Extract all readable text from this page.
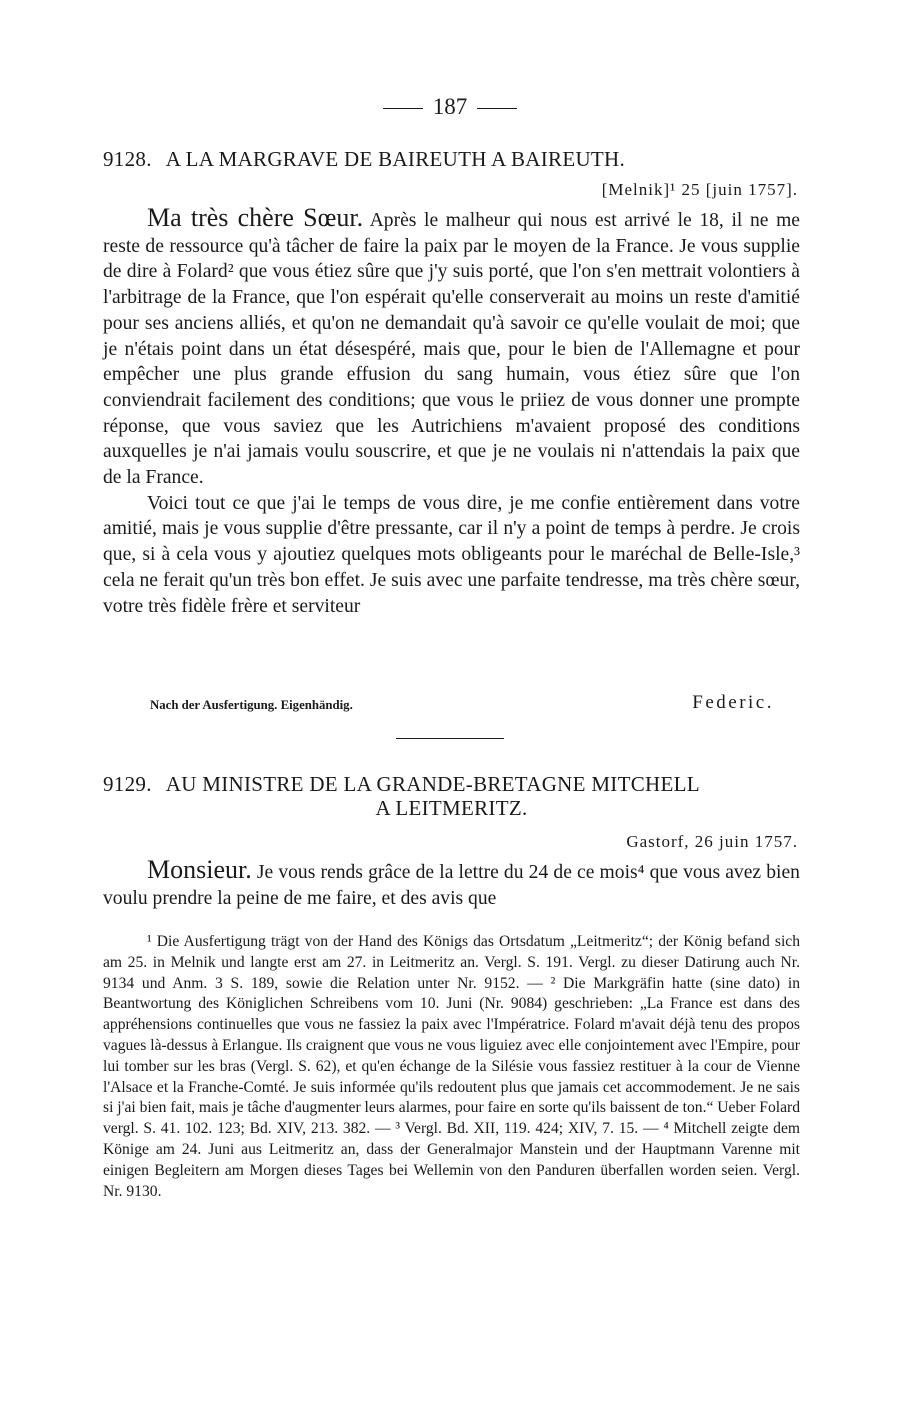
187
9128. A LA MARGRAVE DE BAIREUTH A BAIREUTH.
[Melnik]¹ 25 [juin 1757].

Ma très chère Sœur. Après le malheur qui nous est arrivé le 18, il ne me reste de ressource qu'à tâcher de faire la paix par le moyen de la France. Je vous supplie de dire à Folard² que vous étiez sûre que j'y suis porté, que l'on s'en mettrait volontiers à l'arbitrage de la France, que l'on espérait qu'elle conserverait au moins un reste d'amitié pour ses anciens alliés, et qu'on ne demandait qu'à savoir ce qu'elle voulait de moi; que je n'étais point dans un état désespéré, mais que, pour le bien de l'Allemagne et pour empêcher une plus grande effusion du sang humain, vous étiez sûre que l'on conviendrait facilement des conditions; que vous le priiez de vous donner une prompte réponse, que vous saviez que les Autrichiens m'avaient proposé des conditions auxquelles je n'ai jamais voulu souscrire, et que je ne voulais ni n'attendais la paix que de la France.

Voici tout ce que j'ai le temps de vous dire, je me confie entièrement dans votre amitié, mais je vous supplie d'être pressante, car il n'y a point de temps à perdre. Je crois que, si à cela vous y ajoutiez quelques mots obligeants pour le maréchal de Belle-Isle,³ cela ne ferait qu'un très bon effet. Je suis avec une parfaite tendresse, ma très chère sœur, votre très fidèle frère et serviteur

Nach der Ausfertigung. Eigenhändig.	Federic.
9129. AU MINISTRE DE LA GRANDE-BRETAGNE MITCHELL
A LEITMERITZ.
Gastorf, 26 juin 1757.

Monsieur. Je vous rends grâce de la lettre du 24 de ce mois⁴ que vous avez bien voulu prendre la peine de me faire, et des avis que

¹ Die Ausfertigung trägt von der Hand des Königs das Ortsdatum „Leitmeritz“; der König befand sich am 25. in Melnik und langte erst am 27. in Leitmeritz an. Vergl. S. 191. Vergl. zu dieser Datirung auch Nr. 9134 und Anm. 3 S. 189, sowie die Relation unter Nr. 9152. — ² Die Markgräfin hatte (sine dato) in Beantwortung des Königlichen Schreibens vom 10. Juni (Nr. 9084) geschrieben: „La France est dans des appréhensions continuelles que vous ne fassiez la paix avec l'Impératrice. Folard m'avait déjà tenu des propos vagues là-dessus à Erlangue. Ils craignent que vous ne vous liguiez avec elle conjointement avec l'Empire, pour lui tomber sur les bras (Vergl. S. 62), et qu'en échange de la Silésie vous fassiez restituer à la cour de Vienne l'Alsace et la Franche-Comté. Je suis informée qu'ils redoutent plus que jamais cet accommodement. Je ne sais si j'ai bien fait, mais je tâche d'augmenter leurs alarmes, pour faire en sorte qu'ils baissent de ton.“ Ueber Folard vergl. S. 41. 102. 123; Bd. XIV, 213. 382. — ³ Vergl. Bd. XII, 119. 424; XIV, 7. 15. — ⁴ Mitchell zeigte dem Könige am 24. Juni aus Leitmeritz an, dass der Generalmajor Manstein und der Hauptmann Varenne mit einigen Begleitern am Morgen dieses Tages bei Wellemin von den Panduren überfallen worden seien. Vergl. Nr. 9130.
